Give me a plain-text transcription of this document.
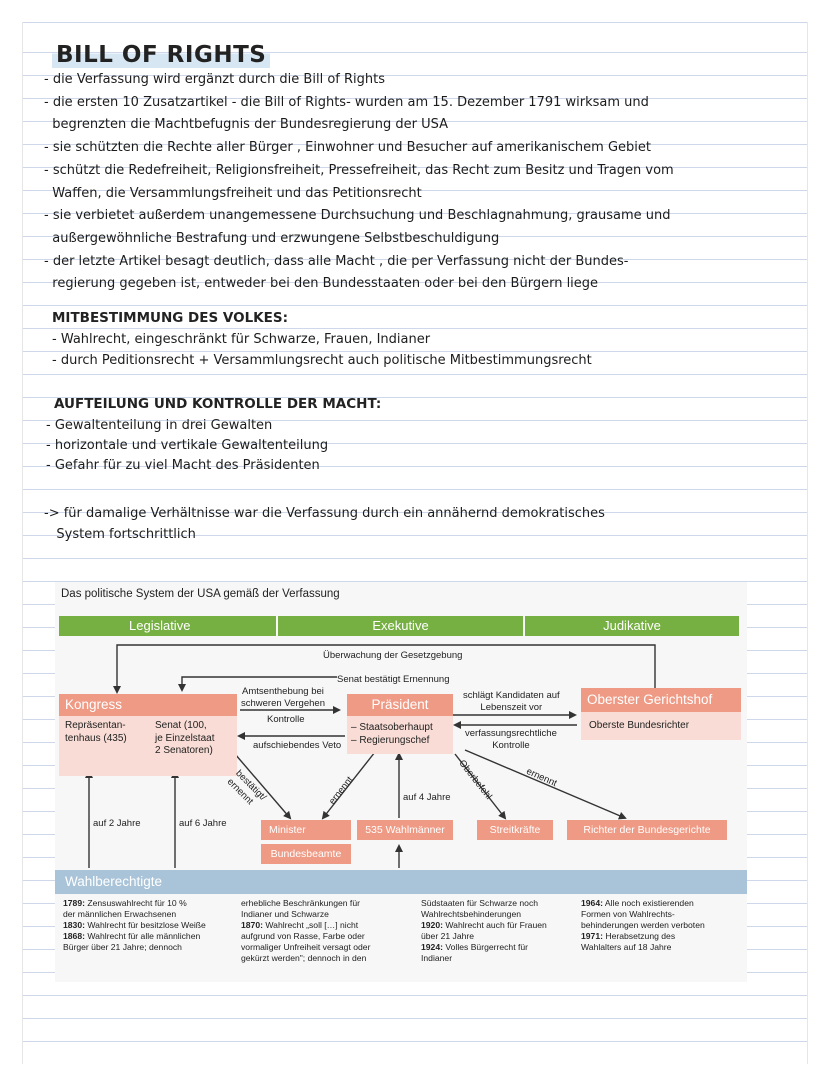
BILL OF RIGHTS
- die Verfassung wird ergänzt durch die Bill of Rights
- die ersten 10 Zusatzartikel - die Bill of Rights- wurden am 15. Dezember 1791 wirksam und
begrenzten die Machtbefugnis der Bundesregierung der USA
- sie schützten die Rechte aller Bürger , Einwohner und Besucher auf amerikanischem Gebiet
- schützt die Redefreiheit, Religionsfreiheit, Pressefreiheit, das Recht zum Besitz und Tragen vom
Waffen, die Versammlungsfreiheit und das Petitionsrecht
- sie verbietet außerdem unangemessene Durchsuchung und Beschlagnahmung, grausame und
außergewöhnliche Bestrafung und erzwungene Selbstbeschuldigung
- der letzte Artikel besagt deutlich, dass alle Macht , die per Verfassung nicht der Bundes-
regierung gegeben ist, entweder bei den Bundesstaaten oder bei den Bürgern liege
MITBESTIMMUNG DES VOLKES:
- Wahlrecht, eingeschränkt für Schwarze, Frauen, Indianer
- durch Peditionsrecht + Versammlungsrecht auch politische Mitbestimmungsrecht
AUFTEILUNG UND KONTROLLE DER MACHT:
- Gewaltenteilung in drei Gewalten
- horizontale und vertikale Gewaltenteilung
- Gefahr für zu viel Macht des Präsidenten
-> für damalige Verhältnisse war die Verfassung durch ein annähernd demokratisches
System fortschrittlich
Das politische System der USA gemäß der Verfassung
Legislative	Exekutive	Judikative
Überwachung der Gesetzgebung
Senat bestätigt Ernennung
Kongress
Repräsentan-
tenhaus (435)
Senat (100,
je Einzelstaat
2 Senatoren)
Präsident
– Staatsoberhaupt
– Regierungschef
Oberster Gerichtshof
Oberste Bundesrichter
Amtsenthebung bei
schweren Vergehen
Kontrolle
aufschiebendes Veto
schlägt Kandidaten auf
Lebenszeit vor
verfassungsrechtliche
Kontrolle
bestätigt/
ernennt	ernennt	Oberbefehl	ernennt
auf 2 Jahre	auf 6 Jahre
auf 4 Jahre
Minister
Bundesbeamte
535 Wahlmänner	Streitkräfte	Richter der Bundesgerichte
Wahlberechtigte
1789: Zensuswahlrecht für 10 %
der männlichen Erwachsenen
1830: Wahlrecht für besitzlose Weiße
1868: Wahlrecht für alle männlichen
Bürger über 21 Jahre; dennoch
erhebliche Beschränkungen für
Indianer und Schwarze
1870: Wahlrecht „soll […] nicht
aufgrund von Rasse, Farbe oder
vormaliger Unfreiheit versagt oder
gekürzt werden"; dennoch in den
Südstaaten für Schwarze noch
Wahlrechtsbehinderungen
1920: Wahlrecht auch für Frauen
über 21 Jahre
1924: Volles Bürgerrecht für
Indianer
1964: Alle noch existierenden
Formen von Wahlrechts-
behinderungen werden verboten
1971: Herabsetzung des
Wahlalters auf 18 Jahre
